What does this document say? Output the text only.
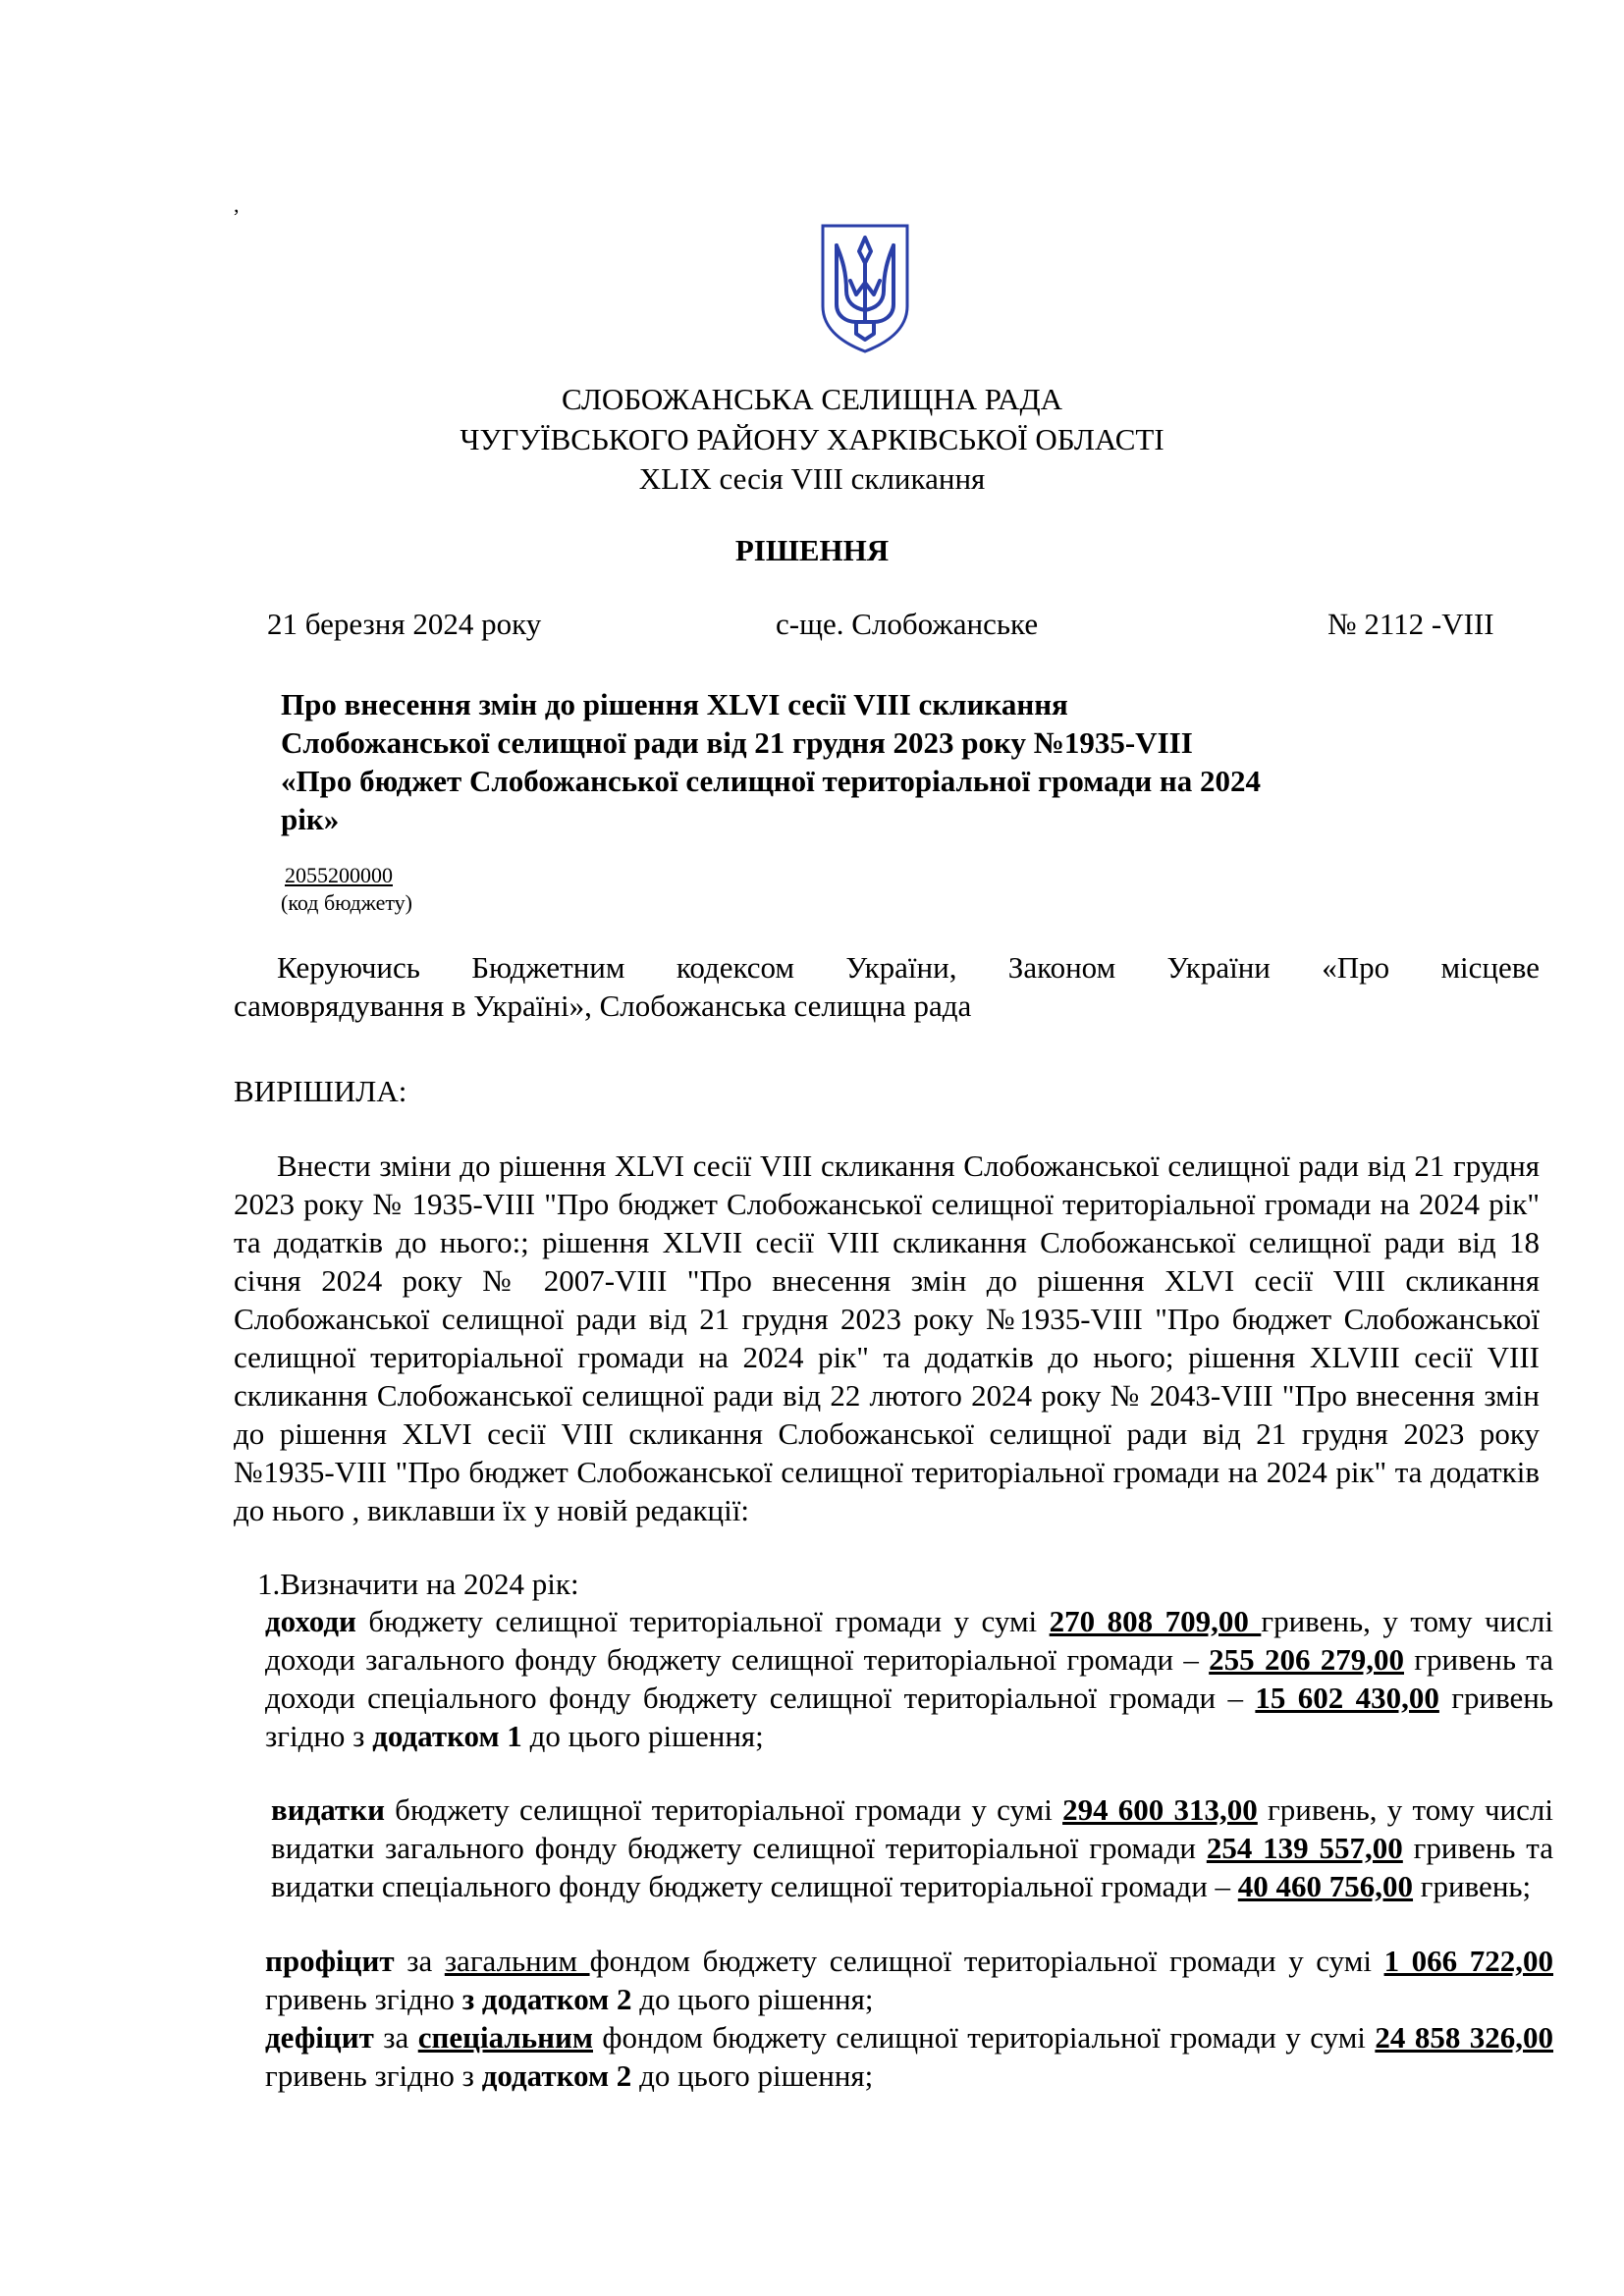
,
СЛОБОЖАНСЬКА СЕЛИЩНА РАДА
ЧУГУЇВСЬКОГО РАЙОНУ ХАРКІВСЬКОЇ ОБЛАСТІ
XLIX сесія VIII скликання
РІШЕННЯ
21 березня 2024 року	с-ще. Слобожанське	№ 2112 -VIII
Про внесення змін до рішення XLVI сесії VIII скликання Слобожанської селищної ради від 21 грудня 2023 року №1935-VIII «Про бюджет Слобожанської селищної територіальної громади на 2024 рік»
2055200000
(код бюджету)
Керуючись Бюджетним кодексом України, Законом України «Про місцеве
самоврядування в Україні», Слобожанська селищна рада
ВИРІШИЛА:
Внести зміни до рішення XLVI сесії VIII скликання Слобожанської селищної ради від 21 грудня 2023 року № 1935-VIII "Про бюджет Слобожанської селищної територіальної громади на 2024 рік" та додатків до нього:; рішення XLVII сесії VIII скликання Слобожанської селищної ради від 18 січня 2024 року № 2007-VIII "Про внесення змін до рішення XLVI сесії VIII скликання Слобожанської селищної ради від 21 грудня 2023 року №1935-VIII "Про бюджет Слобожанської селищної територіальної громади на 2024 рік" та додатків до нього; рішення XLVIII сесії VIII скликання Слобожанської селищної ради від 22 лютого 2024 року № 2043-VIII "Про внесення змін до рішення XLVI сесії VIII скликання Слобожанської селищної ради від 21 грудня 2023 року №1935-VIII "Про бюджет Слобожанської селищної територіальної громади на 2024 рік" та додатків до нього , виклавши їх у новій редакції:
1.Визначити на 2024 рік:
доходи бюджету селищної територіальної громади у сумі 270 808 709,00 гривень, у тому числі доходи загального фонду бюджету селищної територіальної громади – 255 206 279,00 гривень та доходи спеціального фонду бюджету селищної територіальної громади – 15 602 430,00 гривень згідно з додатком 1 до цього рішення;
видатки бюджету селищної територіальної громади у сумі 294 600 313,00 гривень, у тому числі видатки загального фонду бюджету селищної територіальної громади 254 139 557,00 гривень та видатки спеціального фонду бюджету селищної територіальної громади – 40 460 756,00 гривень;
профіцит за загальним фондом бюджету селищної територіальної громади у сумі 1 066 722,00 гривень згідно з додатком 2 до цього рішення;
дефіцит за спеціальним фондом бюджету селищної територіальної громади у сумі 24 858 326,00 гривень згідно з додатком 2 до цього рішення;
